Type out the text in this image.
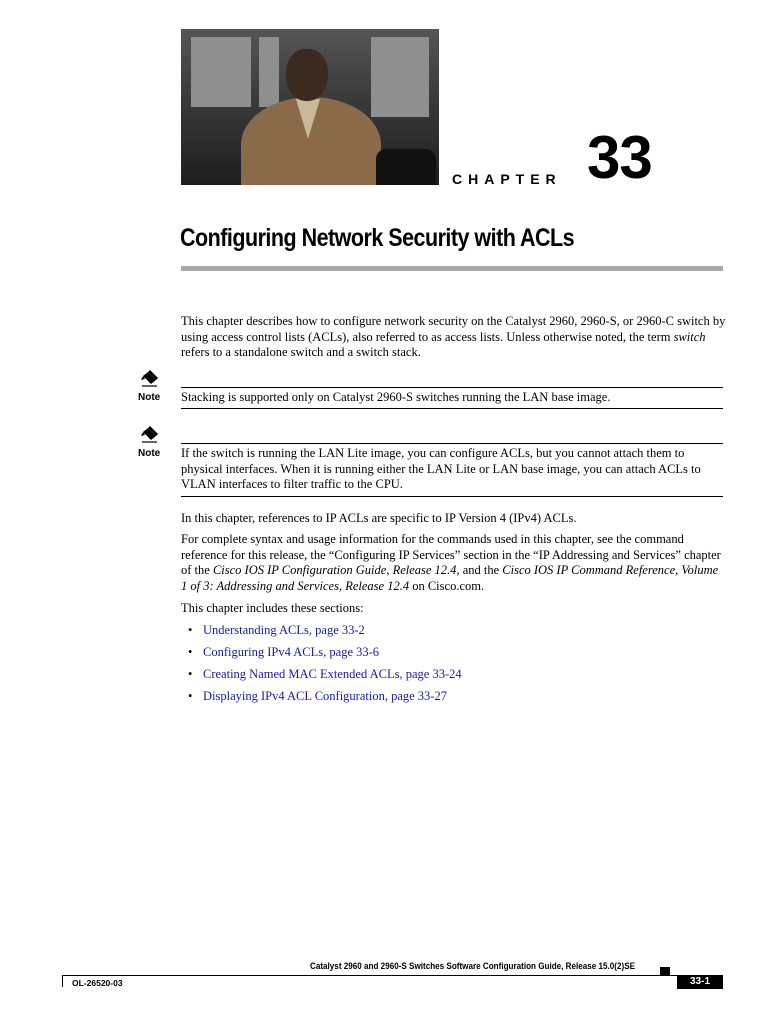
CHAPTER 33
Configuring Network Security with ACLs
This chapter describes how to configure network security on the Catalyst 2960, 2960-S, or 2960-C switch by using access control lists (ACLs), also referred to as access lists. Unless otherwise noted, the term switch refers to a standalone switch and a switch stack.
Note Stacking is supported only on Catalyst 2960-S switches running the LAN base image.
Note If the switch is running the LAN Lite image, you can configure ACLs, but you cannot attach them to physical interfaces. When it is running either the LAN Lite or LAN base image, you can attach ACLs to VLAN interfaces to filter traffic to the CPU.
In this chapter, references to IP ACLs are specific to IP Version 4 (IPv4) ACLs.
For complete syntax and usage information for the commands used in this chapter, see the command reference for this release, the “Configuring IP Services” section in the “IP Addressing and Services” chapter of the Cisco IOS IP Configuration Guide, Release 12.4, and the Cisco IOS IP Command Reference, Volume 1 of 3: Addressing and Services, Release 12.4 on Cisco.com.
This chapter includes these sections:
• Understanding ACLs, page 33-2
• Configuring IPv4 ACLs, page 33-6
• Creating Named MAC Extended ACLs, page 33-24
• Displaying IPv4 ACL Configuration, page 33-27
Catalyst 2960 and 2960-S Switches Software Configuration Guide, Release 15.0(2)SE
OL-26520-03	33-1
